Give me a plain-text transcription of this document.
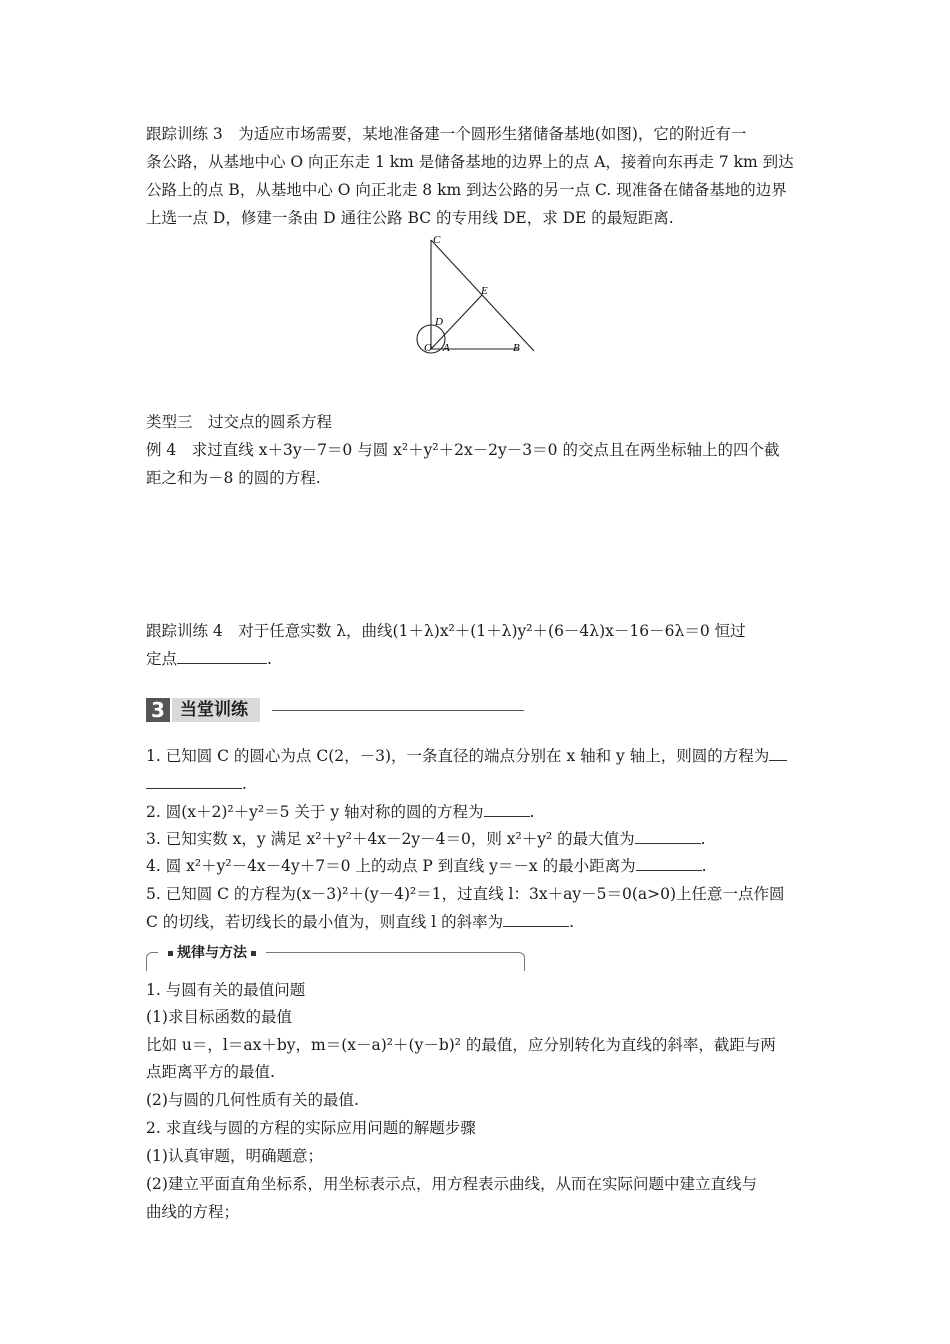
跟踪训练 3　为适应市场需要，某地准备建一个圆形生猪储备基地(如图)，它的附近有一
条公路，从基地中心 O 向正东走 1 km 是储备基地的边界上的点 A，接着向东再走 7 km 到达
公路上的点 B，从基地中心 O 向正北走 8 km 到达公路的另一点 C. 现准备在储备基地的边界
上选一点 D，修建一条由 D 通往公路 BC 的专用线 DE，求 DE 的最短距离.
C
E
D
O A	B
类型三　过交点的圆系方程
例 4　求过直线 x＋3y－7＝0 与圆 x²＋y²＋2x－2y－3＝0 的交点且在两坐标轴上的四个截
距之和为－8 的圆的方程.
跟踪训练 4　对于任意实数 λ，曲线(1＋λ)x²＋(1＋λ)y²＋(6－4λ)x－16－6λ＝0 恒过
定点	.
3 当堂训练
1. 已知圆 C 的圆心为点 C(2，－3)，一条直径的端点分别在 x 轴和 y 轴上，则圆的方程为
.
2. 圆(x＋2)²＋y²＝5 关于 y 轴对称的圆的方程为	.
3. 已知实数 x，y 满足 x²＋y²＋4x－2y－4＝0，则 x²＋y² 的最大值为	.
4. 圆 x²＋y²－4x－4y＋7＝0 上的动点 P 到直线 y＝－x 的最小距离为	.
5. 已知圆 C 的方程为(x－3)²＋(y－4)²＝1，过直线 l：3x＋ay－5＝0(a>0)上任意一点作圆
C 的切线，若切线长的最小值为，则直线 l 的斜率为	.
规律与方法
1. 与圆有关的最值问题
(1)求目标函数的最值
比如 u＝，l＝ax＋by，m＝(x－a)²＋(y－b)² 的最值，应分别转化为直线的斜率，截距与两
点距离平方的最值.
(2)与圆的几何性质有关的最值.
2. 求直线与圆的方程的实际应用问题的解题步骤
(1)认真审题，明确题意；
(2)建立平面直角坐标系，用坐标表示点，用方程表示曲线，从而在实际问题中建立直线与
曲线的方程；
